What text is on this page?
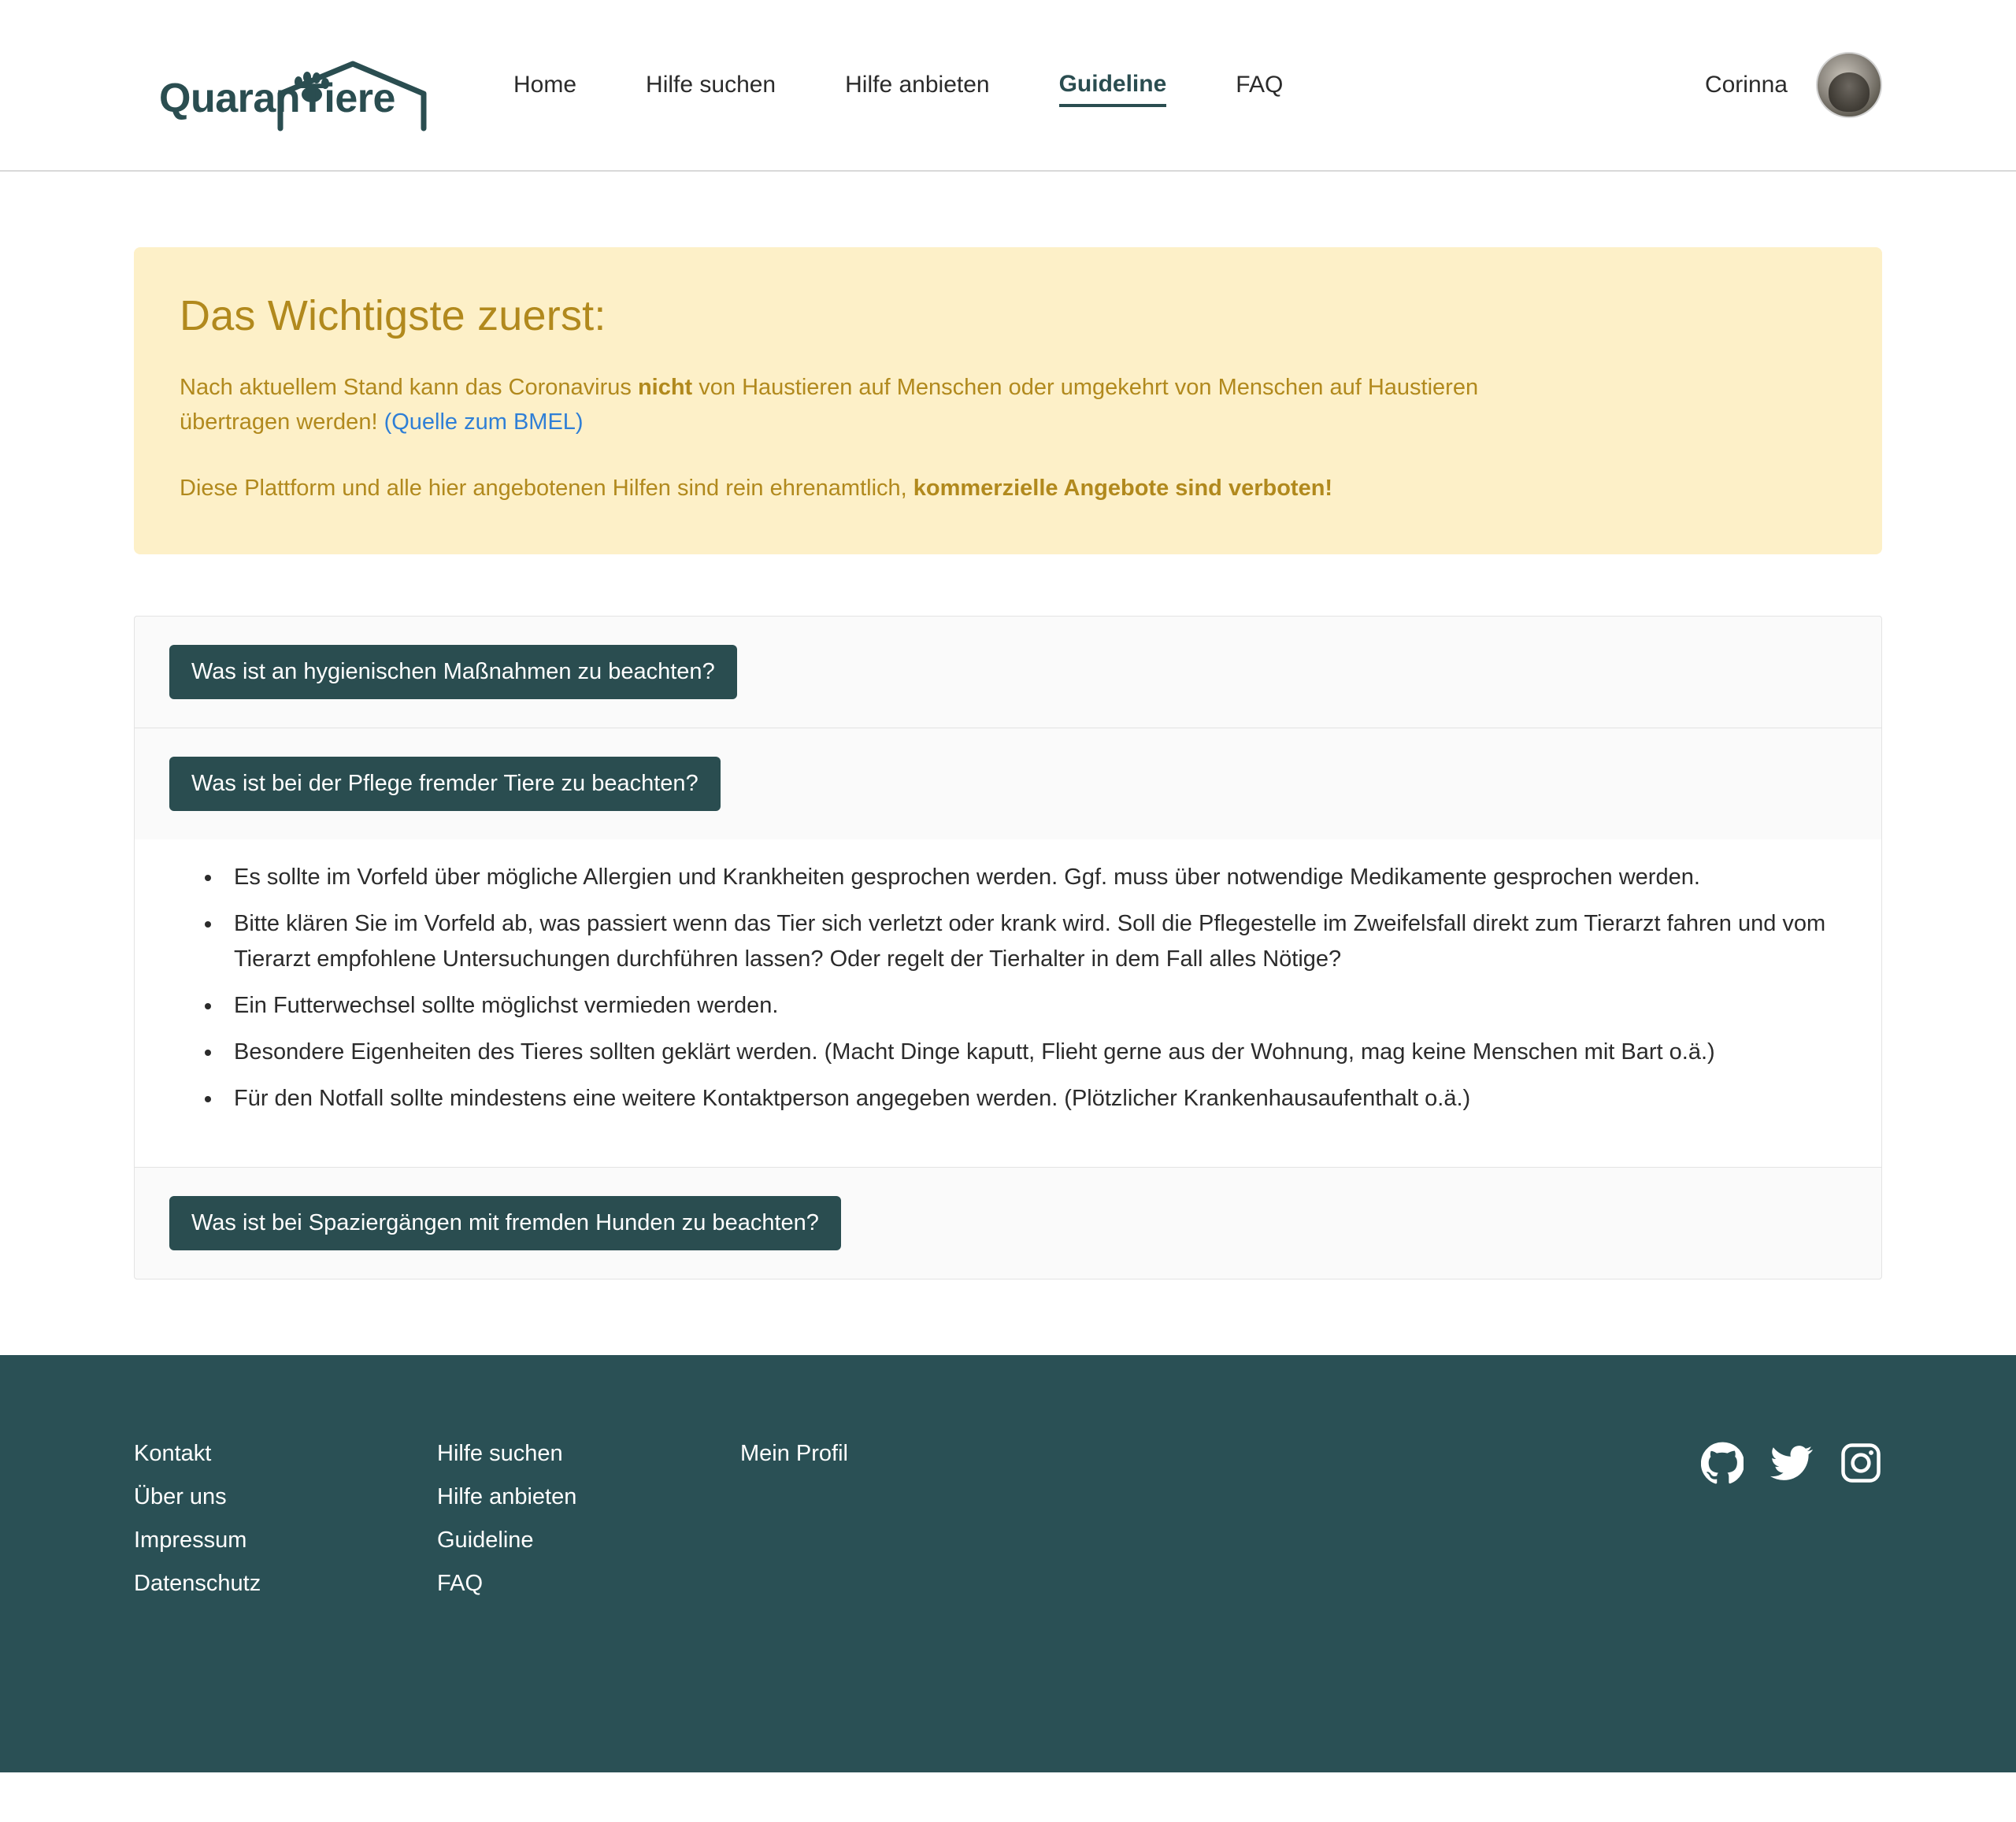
QuaranTiere	Home	Hilfe suchen	Hilfe anbieten	Guideline	FAQ	Corinna
Das Wichtigste zuerst:

Nach aktuellem Stand kann das Coronavirus nicht von Haustieren auf Menschen oder umgekehrt von Menschen auf Haustieren übertragen werden! (Quelle zum BMEL)

Diese Plattform und alle hier angebotenen Hilfen sind rein ehrenamtlich, kommerzielle Angebote sind verboten!

Was ist an hygienischen Maßnahmen zu beachten?
Was ist bei der Pflege fremder Tiere zu beachten?
• Es sollte im Vorfeld über mögliche Allergien und Krankheiten gesprochen werden. Ggf. muss über notwendige Medikamente gesprochen werden.
• Bitte klären Sie im Vorfeld ab, was passiert wenn das Tier sich verletzt oder krank wird. Soll die Pflegestelle im Zweifelsfall direkt zum Tierarzt fahren und vom Tierarzt empfohlene Untersuchungen durchführen lassen? Oder regelt der Tierhalter in dem Fall alles Nötige?
• Ein Futterwechsel sollte möglichst vermieden werden.
• Besondere Eigenheiten des Tieres sollten geklärt werden. (Macht Dinge kaputt, Flieht gerne aus der Wohnung, mag keine Menschen mit Bart o.ä.)
• Für den Notfall sollte mindestens eine weitere Kontaktperson angegeben werden. (Plötzlicher Krankenhausaufenthalt o.ä.)
Was ist bei Spaziergängen mit fremden Hunden zu beachten?
Kontakt
Über uns
Impressum
Datenschutz
Hilfe suchen
Hilfe anbieten
Guideline
FAQ
Mein Profil
